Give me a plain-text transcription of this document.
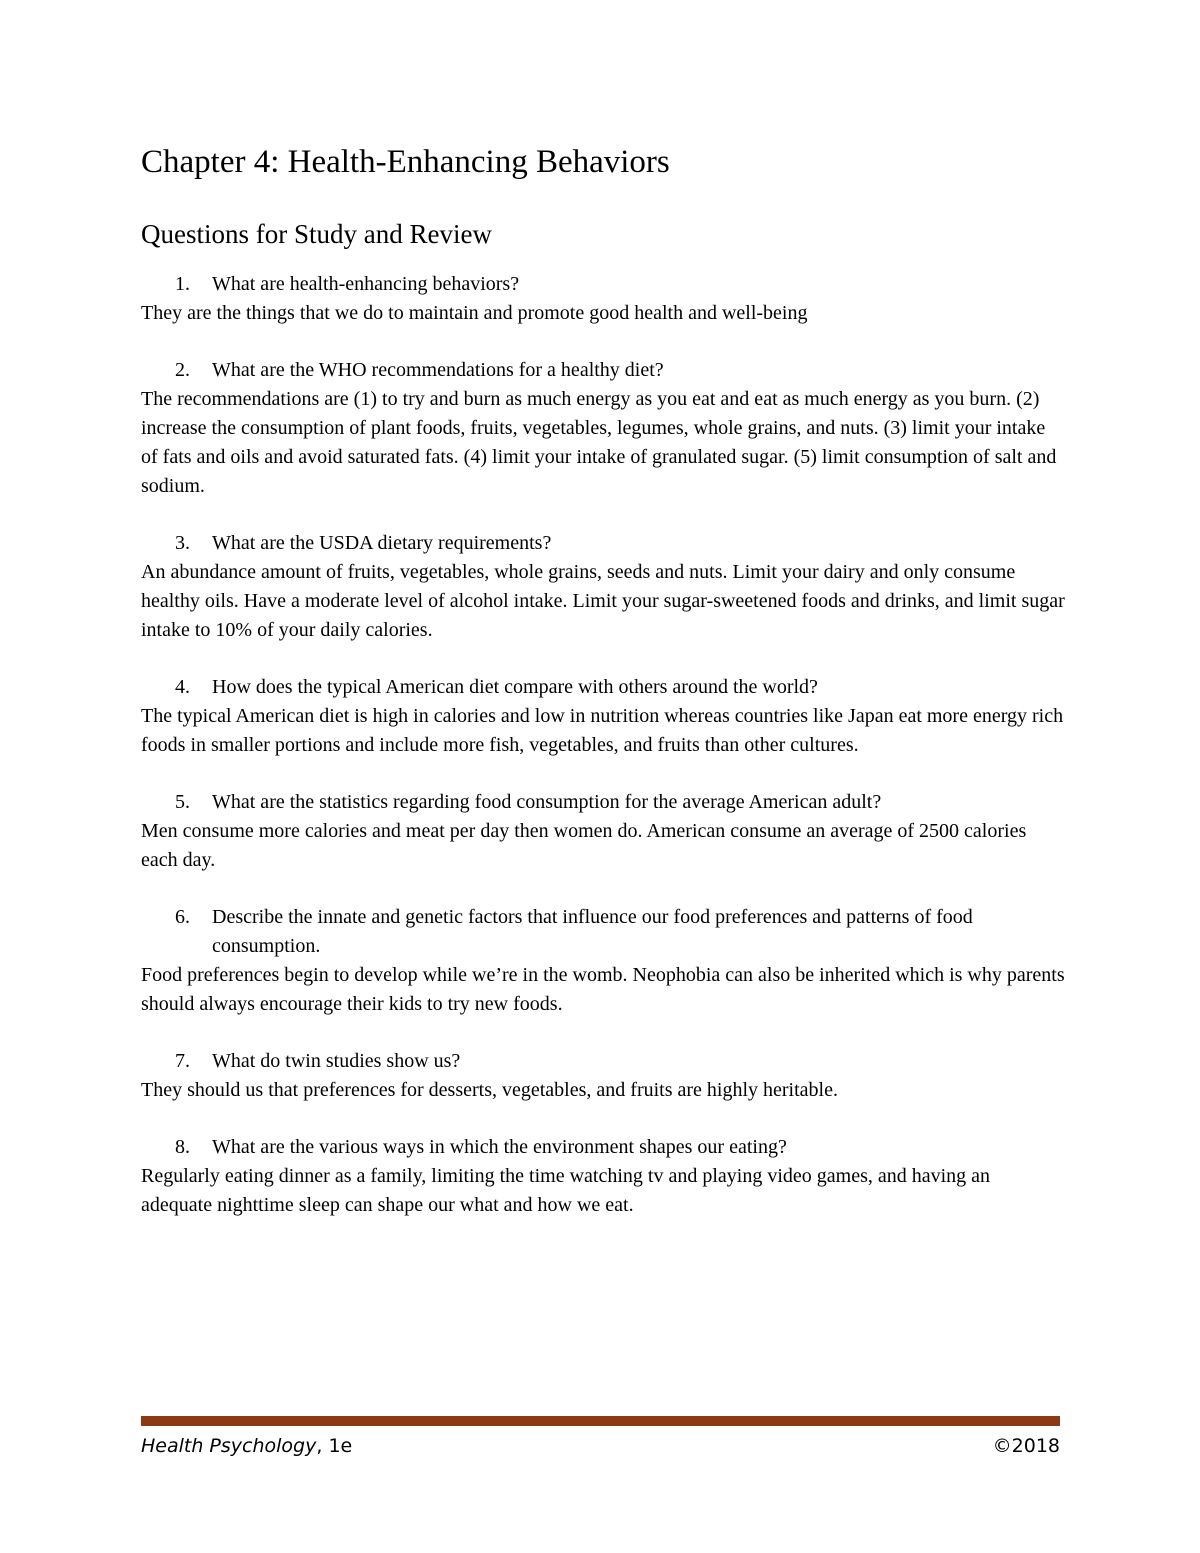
Chapter 4: Health-Enhancing Behaviors
Questions for Study and Review

1.	What are health-enhancing behaviors?

They are the things that we do to maintain and promote good health and well-being

2.	What are the WHO recommendations for a healthy diet?

The recommendations are (1) to try and burn as much energy as you eat and eat as much energy as you burn. (2) increase the consumption of plant foods, fruits, vegetables, legumes, whole grains, and nuts. (3) limit your intake of fats and oils and avoid saturated fats. (4) limit your intake of granulated sugar. (5) limit consumption of salt and sodium.

3.	What are the USDA dietary requirements?

An abundance amount of fruits, vegetables, whole grains, seeds and nuts. Limit your dairy and only consume healthy oils. Have a moderate level of alcohol intake. Limit your sugar-sweetened foods and drinks, and limit sugar intake to 10% of your daily calories.

4.	How does the typical American diet compare with others around the world?

The typical American diet is high in calories and low in nutrition whereas countries like Japan eat more energy rich foods in smaller portions and include more fish, vegetables, and fruits than other cultures.

5.	What are the statistics regarding food consumption for the average American adult?

Men consume more calories and meat per day then women do. American consume an average of 2500 calories each day.

6.	Describe the innate and genetic factors that influence our food preferences and patterns of food consumption.

Food preferences begin to develop while we’re in the womb. Neophobia can also be inherited which is why parents should always encourage their kids to try new foods.

7.	What do twin studies show us?

They should us that preferences for desserts, vegetables, and fruits are highly heritable.

8.	What are the various ways in which the environment shapes our eating?

Regularly eating dinner as a family, limiting the time watching tv and playing video games, and having an adequate nighttime sleep can shape our what and how we eat.

Health Psychology, 1e	©2018
